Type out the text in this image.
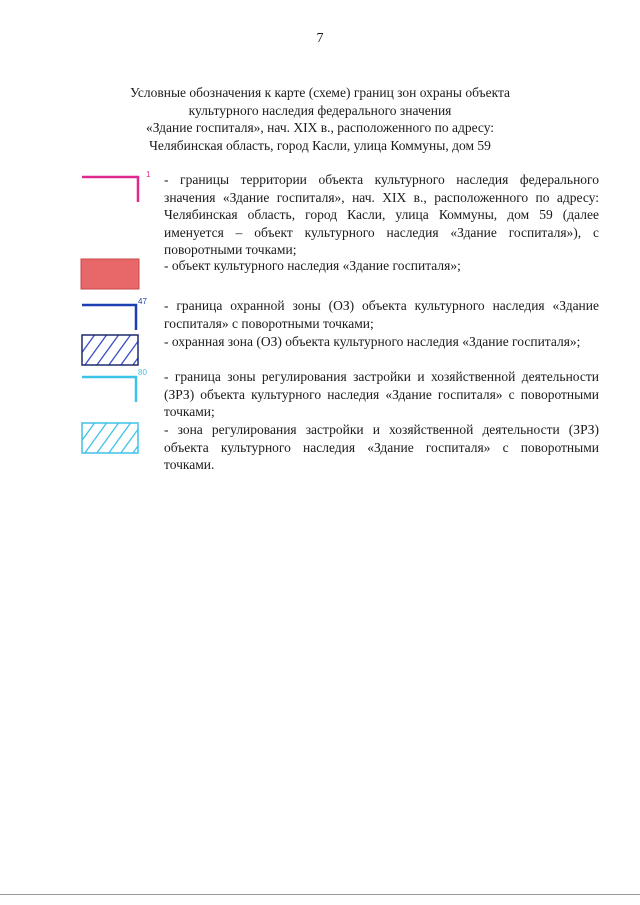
7
Условные обозначения к карте (схеме) границ зон охраны объекта
культурного наследия федерального значения
«Здание госпиталя», нач. XIX в., расположенного по адресу:
Челябинская область, город Касли, улица Коммуны, дом 59
1 - границы территории объекта культурного наследия федерального значения «Здание госпиталя», нач. XIX в., расположенного по адресу: Челябинская область, город Касли, улица Коммуны, дом 59 (далее именуется – объект культурного наследия «Здание госпиталя»), с поворотными точками;
- объект культурного наследия «Здание госпиталя»;
47 - граница охранной зоны (ОЗ) объекта культурного наследия «Здание госпиталя» с поворотными точками;
- охранная зона (ОЗ) объекта культурного наследия «Здание госпиталя»;
80 - граница зоны регулирования застройки и хозяйственной деятельности (ЗРЗ) объекта культурного наследия «Здание госпиталя» с поворотными точками;
- зона регулирования застройки и хозяйственной деятельности (ЗРЗ) объекта культурного наследия «Здание госпиталя» с поворотными точками.
